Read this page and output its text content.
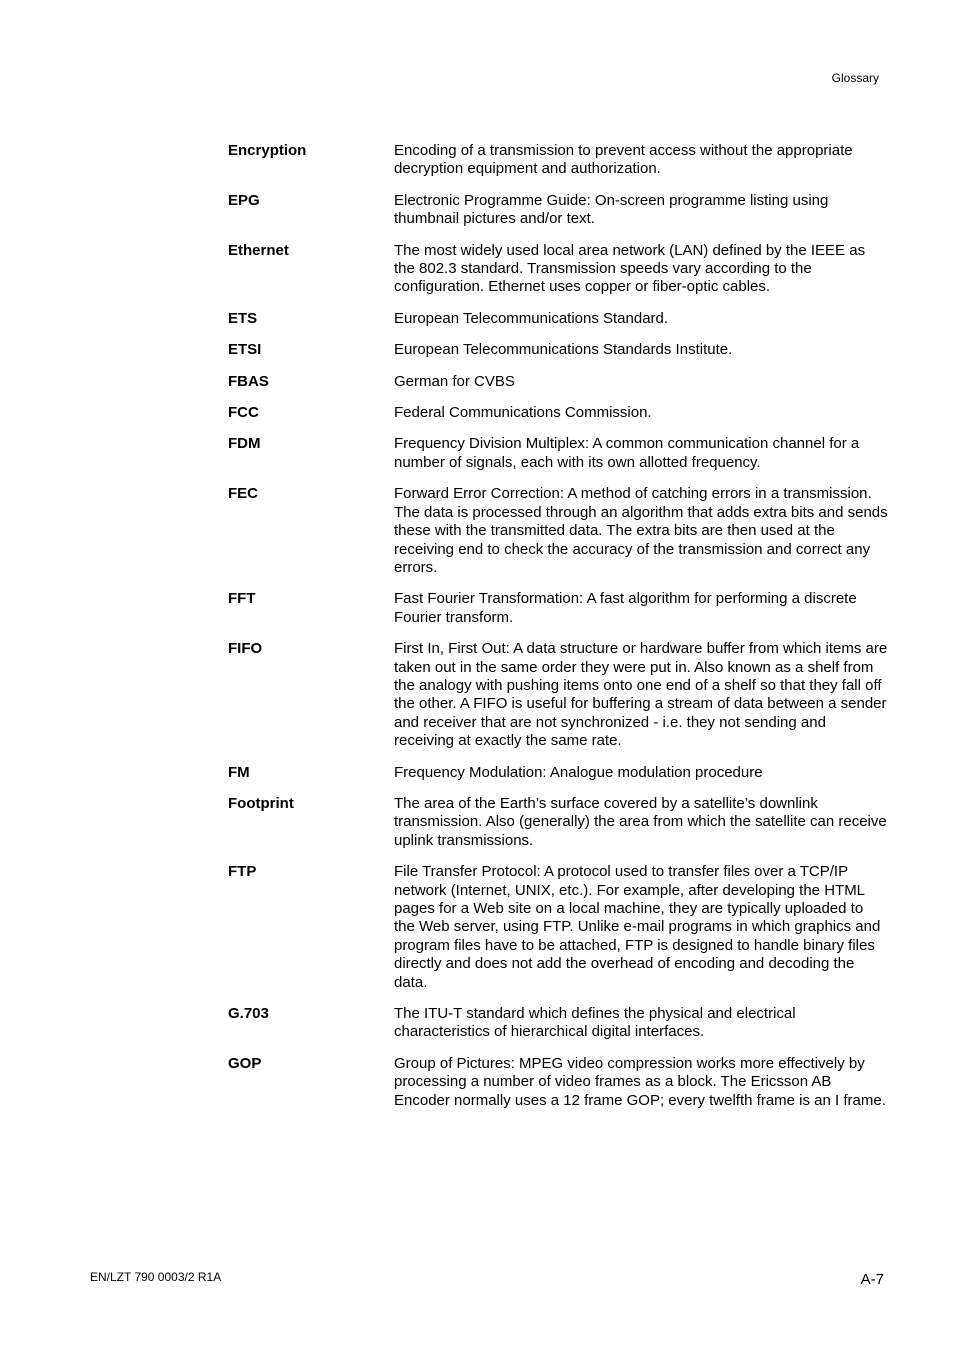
Glossary
Encryption	Encoding of a transmission to prevent access without the appropriate decryption equipment and authorization.
EPG	Electronic Programme Guide: On-screen programme listing using thumbnail pictures and/or text.
Ethernet	The most widely used local area network (LAN) defined by the IEEE as the 802.3 standard. Transmission speeds vary according to the configuration. Ethernet uses copper or fiber-optic cables.
ETS	European Telecommunications Standard.
ETSI	European Telecommunications Standards Institute.
FBAS	German for CVBS
FCC	Federal Communications Commission.
FDM	Frequency Division Multiplex: A common communication channel for a number of signals, each with its own allotted frequency.
FEC	Forward Error Correction: A method of catching errors in a transmission. The data is processed through an algorithm that adds extra bits and sends these with the transmitted data. The extra bits are then used at the receiving end to check the accuracy of the transmission and correct any errors.
FFT	Fast Fourier Transformation: A fast algorithm for performing a discrete Fourier transform.
FIFO	First In, First Out: A data structure or hardware buffer from which items are taken out in the same order they were put in. Also known as a shelf from the analogy with pushing items onto one end of a shelf so that they fall off the other. A FIFO is useful for buffering a stream of data between a sender and receiver that are not synchronized - i.e. they not sending and receiving at exactly the same rate.
FM	Frequency Modulation: Analogue modulation procedure
Footprint	The area of the Earth’s surface covered by a satellite’s downlink transmission. Also (generally) the area from which the satellite can receive uplink transmissions.
FTP	File Transfer Protocol: A protocol used to transfer files over a TCP/IP network (Internet, UNIX, etc.). For example, after developing the HTML pages for a Web site on a local machine, they are typically uploaded to the Web server, using FTP. Unlike e-mail programs in which graphics and program files have to be attached, FTP is designed to handle binary files directly and does not add the overhead of encoding and decoding the data.
G.703	The ITU-T standard which defines the physical and electrical characteristics of hierarchical digital interfaces.
GOP	Group of Pictures: MPEG video compression works more effectively by processing a number of video frames as a block. The Ericsson AB Encoder normally uses a 12 frame GOP; every twelfth frame is an I frame.
EN/LZT 790 0003/2 R1A	A-7
